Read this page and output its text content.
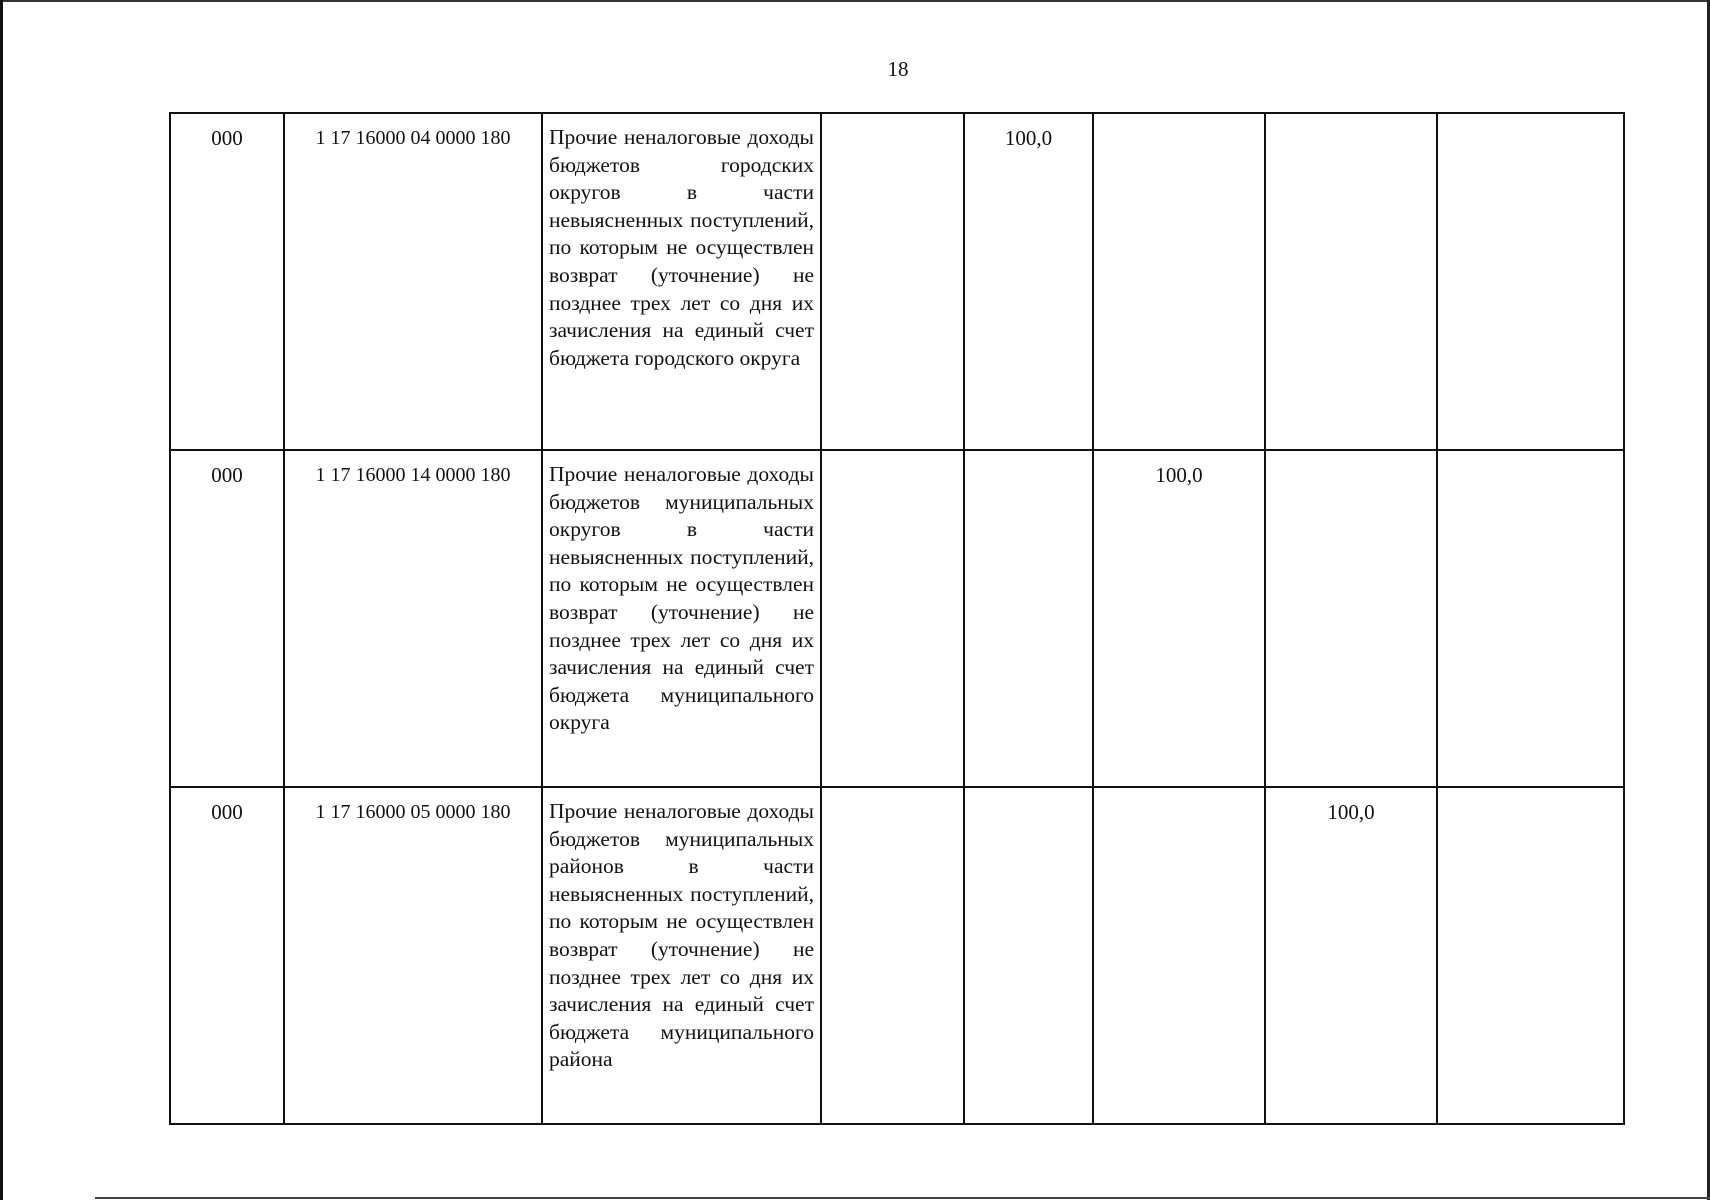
18
000	1 17 16000 04 0000 180	Прочие неналоговые доходы бюджетов городских округов в части невыясненных поступлений, по которым не осуществлен возврат (уточнение) не позднее трех лет со дня их зачисления на единый счет бюджета городского округа		100,0			
000	1 17 16000 14 0000 180	Прочие неналоговые доходы бюджетов муниципальных округов в части невыясненных поступлений, по которым не осуществлен возврат (уточнение) не позднее трех лет со дня их зачисления на единый счет бюджета муниципального округа			100,0		
000	1 17 16000 05 0000 180	Прочие неналоговые доходы бюджетов муниципальных районов в части невыясненных поступлений, по которым не осуществлен возврат (уточнение) не позднее трех лет со дня их зачисления на единый счет бюджета муниципального района				100,0	
